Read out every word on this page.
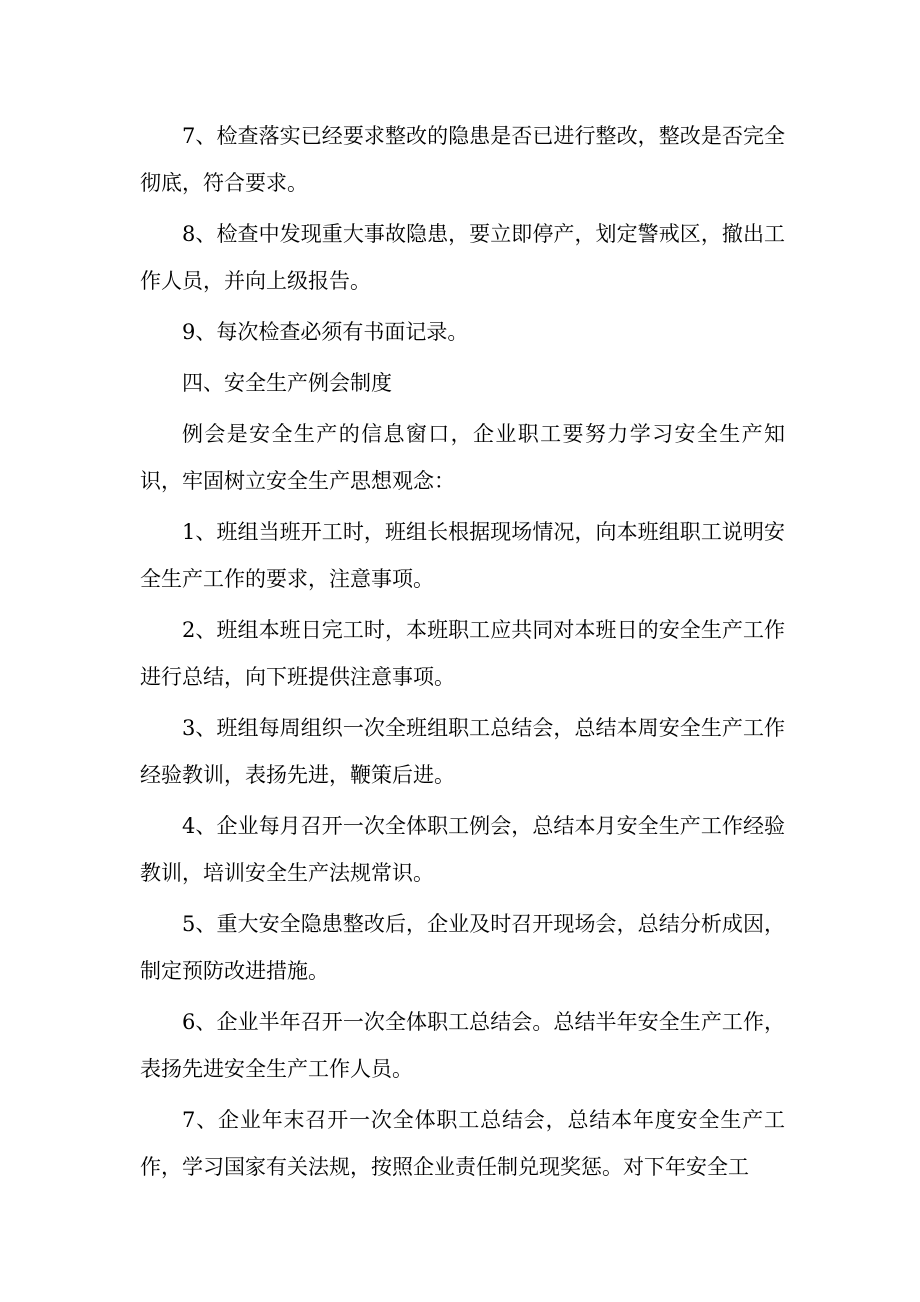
7、检查落实已经要求整改的隐患是否已进行整改，整改是否完全彻底，符合要求。

8、检查中发现重大事故隐患，要立即停产，划定警戒区，撤出工作人员，并向上级报告。

9、每次检查必须有书面记录。

四、安全生产例会制度

例会是安全生产的信息窗口，企业职工要努力学习安全生产知识，牢固树立安全生产思想观念：

1、班组当班开工时，班组长根据现场情况，向本班组职工说明安全生产工作的要求，注意事项。

2、班组本班日完工时，本班职工应共同对本班日的安全生产工作进行总结，向下班提供注意事项。

3、班组每周组织一次全班组职工总结会，总结本周安全生产工作经验教训，表扬先进，鞭策后进。

4、企业每月召开一次全体职工例会，总结本月安全生产工作经验教训，培训安全生产法规常识。

5、重大安全隐患整改后，企业及时召开现场会，总结分析成因， 制定预防改进措施。

6、企业半年召开一次全体职工总结会。总结半年安全生产工作，表扬先进安全生产工作人员。

7、企业年末召开一次全体职工总结会，总结本年度安全生产工作，学习国家有关法规，按照企业责任制兑现奖惩。对下年安全工
